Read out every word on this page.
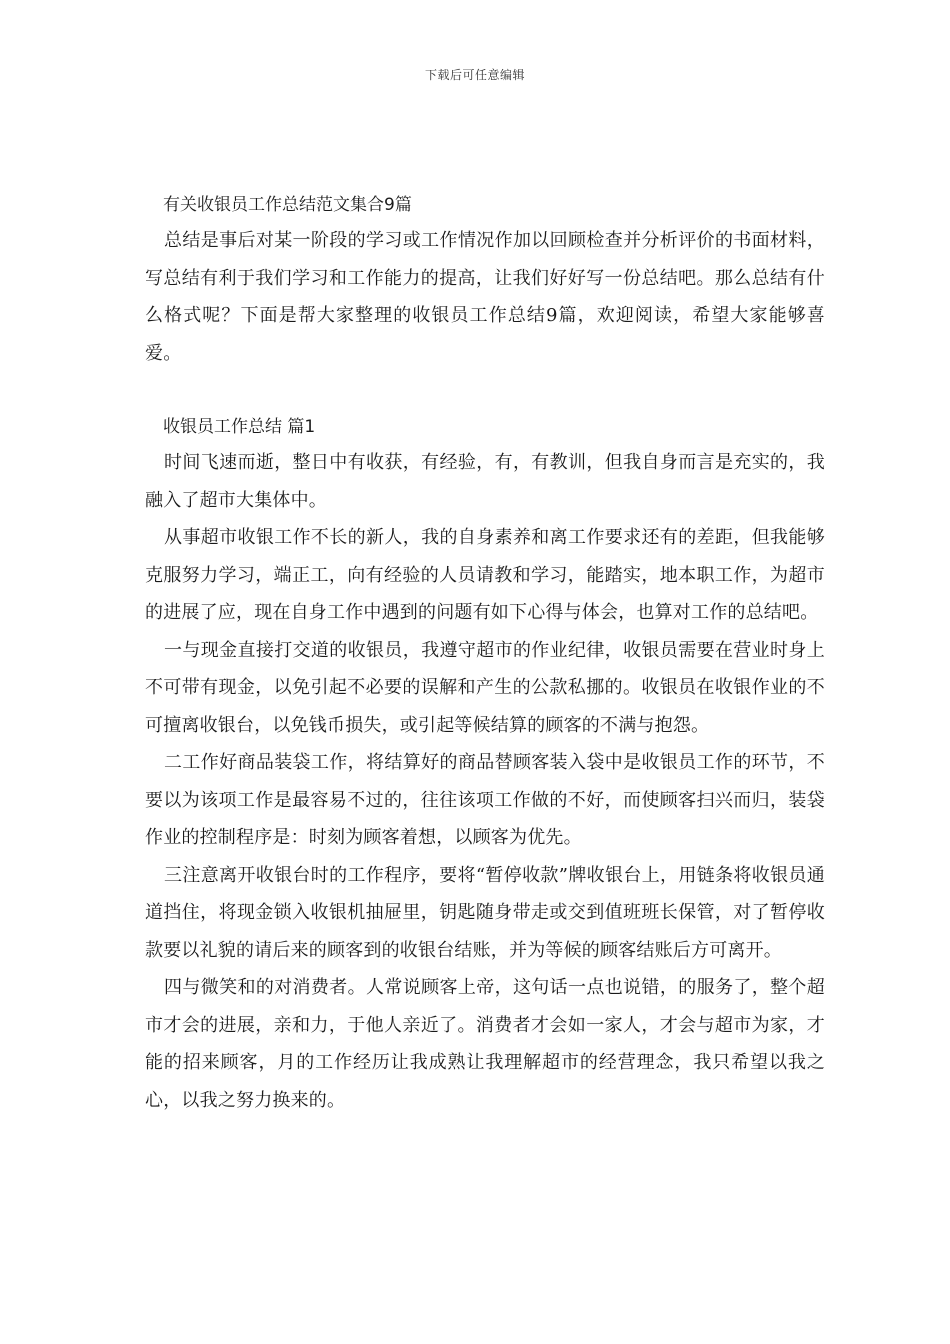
下载后可任意编辑
有关收银员工作总结范文集合9篇

总结是事后对某一阶段的学习或工作情况作加以回顾检查并分析评价的书面材料，写总结有利于我们学习和工作能力的提高，让我们好好写一份总结吧。那么总结有什么格式呢？下面是帮大家整理的收银员工作总结9篇，欢迎阅读，希望大家能够喜爱。

收银员工作总结 篇1

时间飞速而逝，整日中有收获，有经验，有，有教训，但我自身而言是充实的，我融入了超市大集体中。

从事超市收银工作不长的新人，我的自身素养和离工作要求还有的差距，但我能够克服努力学习，端正工，向有经验的人员请教和学习，能踏实，地本职工作，为超市的进展了应，现在自身工作中遇到的问题有如下心得与体会，也算对工作的总结吧。

一与现金直接打交道的收银员，我遵守超市的作业纪律，收银员需要在营业时身上不可带有现金，以免引起不必要的误解和产生的公款私挪的。收银员在收银作业的不可擅离收银台，以免钱币损失，或引起等候结算的顾客的不满与抱怨。

二工作好商品装袋工作，将结算好的商品替顾客装入袋中是收银员工作的环节，不要以为该项工作是最容易不过的，往往该项工作做的不好，而使顾客扫兴而归，装袋作业的控制程序是：时刻为顾客着想，以顾客为优先。

三注意离开收银台时的工作程序，要将“暂停收款”牌收银台上，用链条将收银员通道挡住，将现金锁入收银机抽屉里，钥匙随身带走或交到值班班长保管，对了暂停收款要以礼貌的请后来的顾客到的收银台结账，并为等候的顾客结账后方可离开。

四与微笑和的对消费者。人常说顾客上帝，这句话一点也说错，的服务了，整个超市才会的进展，亲和力，于他人亲近了。消费者才会如一家人，才会与超市为家，才能的招来顾客，月的工作经历让我成熟让我理解超市的经营理念，我只希望以我之心，以我之努力换来的。
